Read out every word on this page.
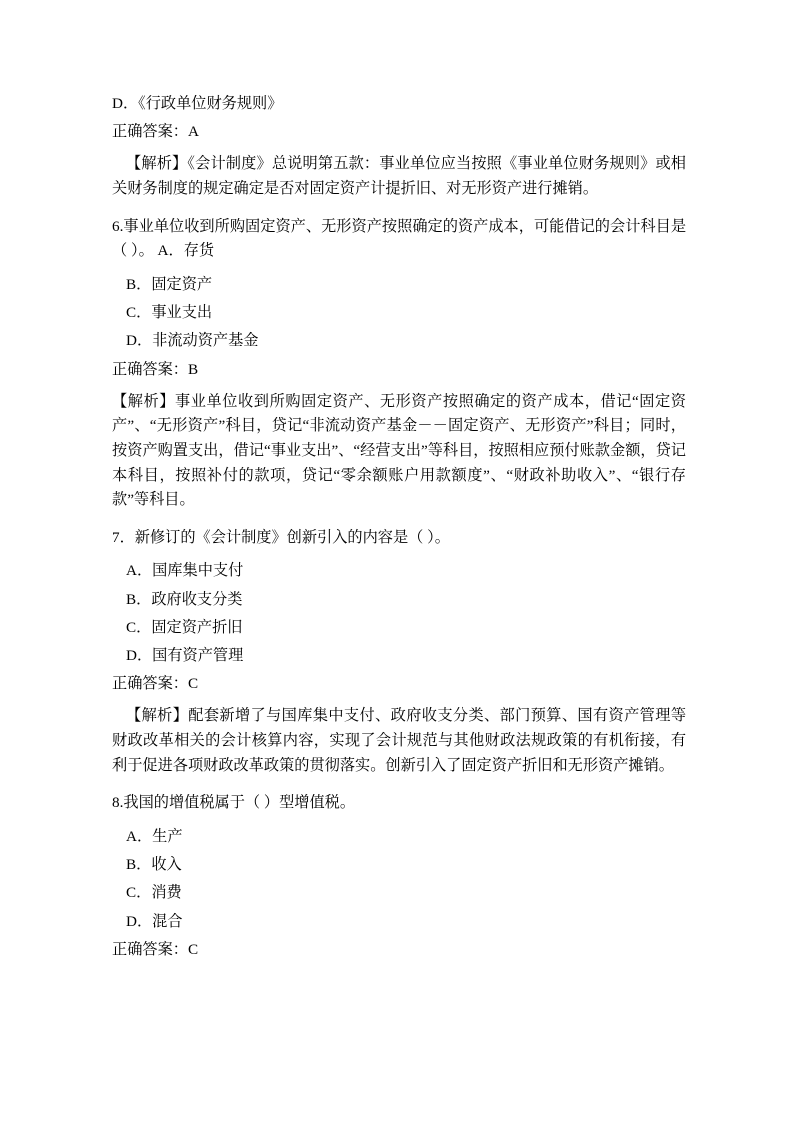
D．《行政单位财务规则》

正确答案：A

【解析】《会计制度》总说明第五款：事业单位应当按照《事业单位财务规则》或相关财务制度的规定确定是否对固定资产计提折旧、对无形资产进行摊销。

6.事业单位收到所购固定资产、无形资产按照确定的资产成本，可能借记的会计科目是（ ）。 A．存货

B．固定资产

C．事业支出

D．非流动资产基金

正确答案：B

【解析】事业单位收到所购固定资产、无形资产按照确定的资产成本，借记“固定资产”、“无形资产”科目，贷记“非流动资产基金－－固定资产、无形资产”科目；同时，按资产购置支出，借记“事业支出”、“经营支出”等科目，按照相应预付账款金额，贷记本科目，按照补付的款项，贷记“零余额账户用款额度”、“财政补助收入”、“银行存款”等科目。

7．新修订的《会计制度》创新引入的内容是（ ）。

A．国库集中支付

B．政府收支分类

C．固定资产折旧

D．国有资产管理

正确答案：C

【解析】配套新增了与国库集中支付、政府收支分类、部门预算、国有资产管理等财政改革相关的会计核算内容，实现了会计规范与其他财政法规政策的有机衔接，有利于促进各项财政改革政策的贯彻落实。创新引入了固定资产折旧和无形资产摊销。

8.我国的增值税属于（ ）型增值税。

A．生产

B．收入

C．消费

D．混合

正确答案：C
